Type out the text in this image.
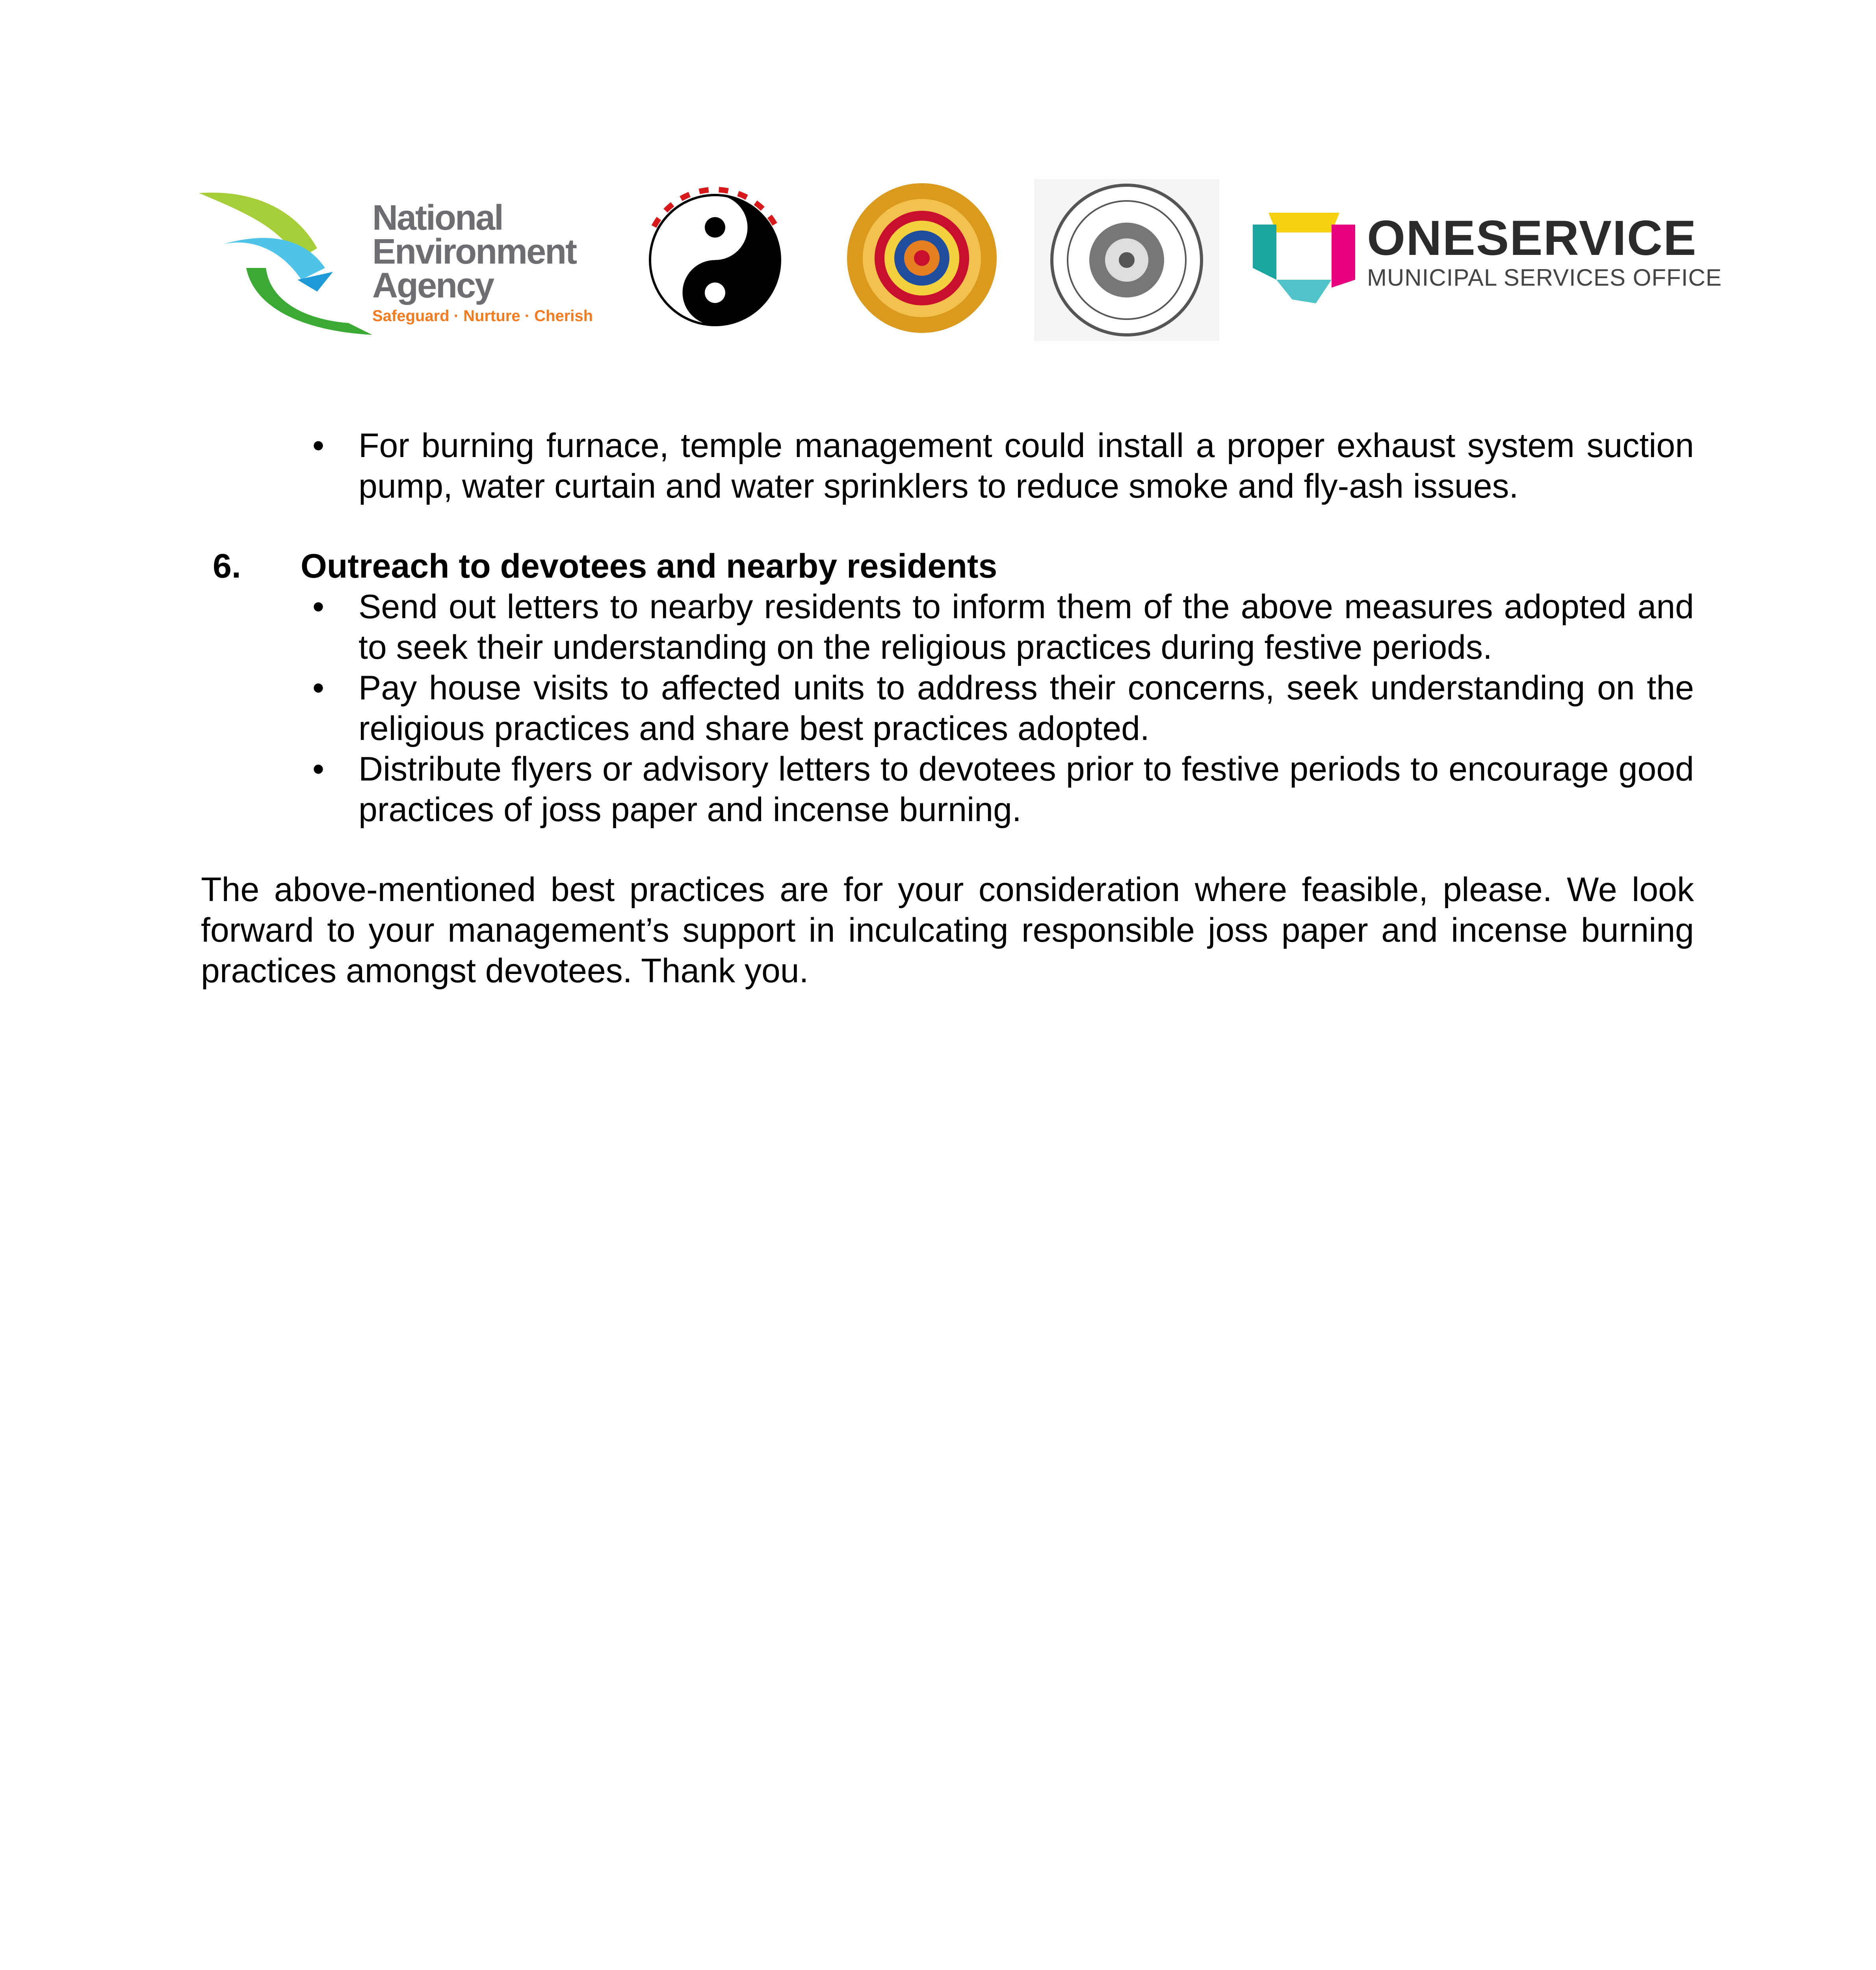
National
Environment
Agency
Safeguard · Nurture · Cherish
ONESERVICE
MUNICIPAL SERVICES OFFICE
• For burning furnace, temple management could install a proper exhaust system suction pump, water curtain and water sprinklers to reduce smoke and fly-ash issues.
6. Outreach to devotees and nearby residents
• Send out letters to nearby residents to inform them of the above measures adopted and to seek their understanding on the religious practices during festive periods.
• Pay house visits to affected units to address their concerns, seek understanding on the religious practices and share best practices adopted.
• Distribute flyers or advisory letters to devotees prior to festive periods to encourage good practices of joss paper and incense burning.

The above-mentioned best practices are for your consideration where feasible, please. We look forward to your management’s support in inculcating responsible joss paper and incense burning practices amongst devotees. Thank you.
